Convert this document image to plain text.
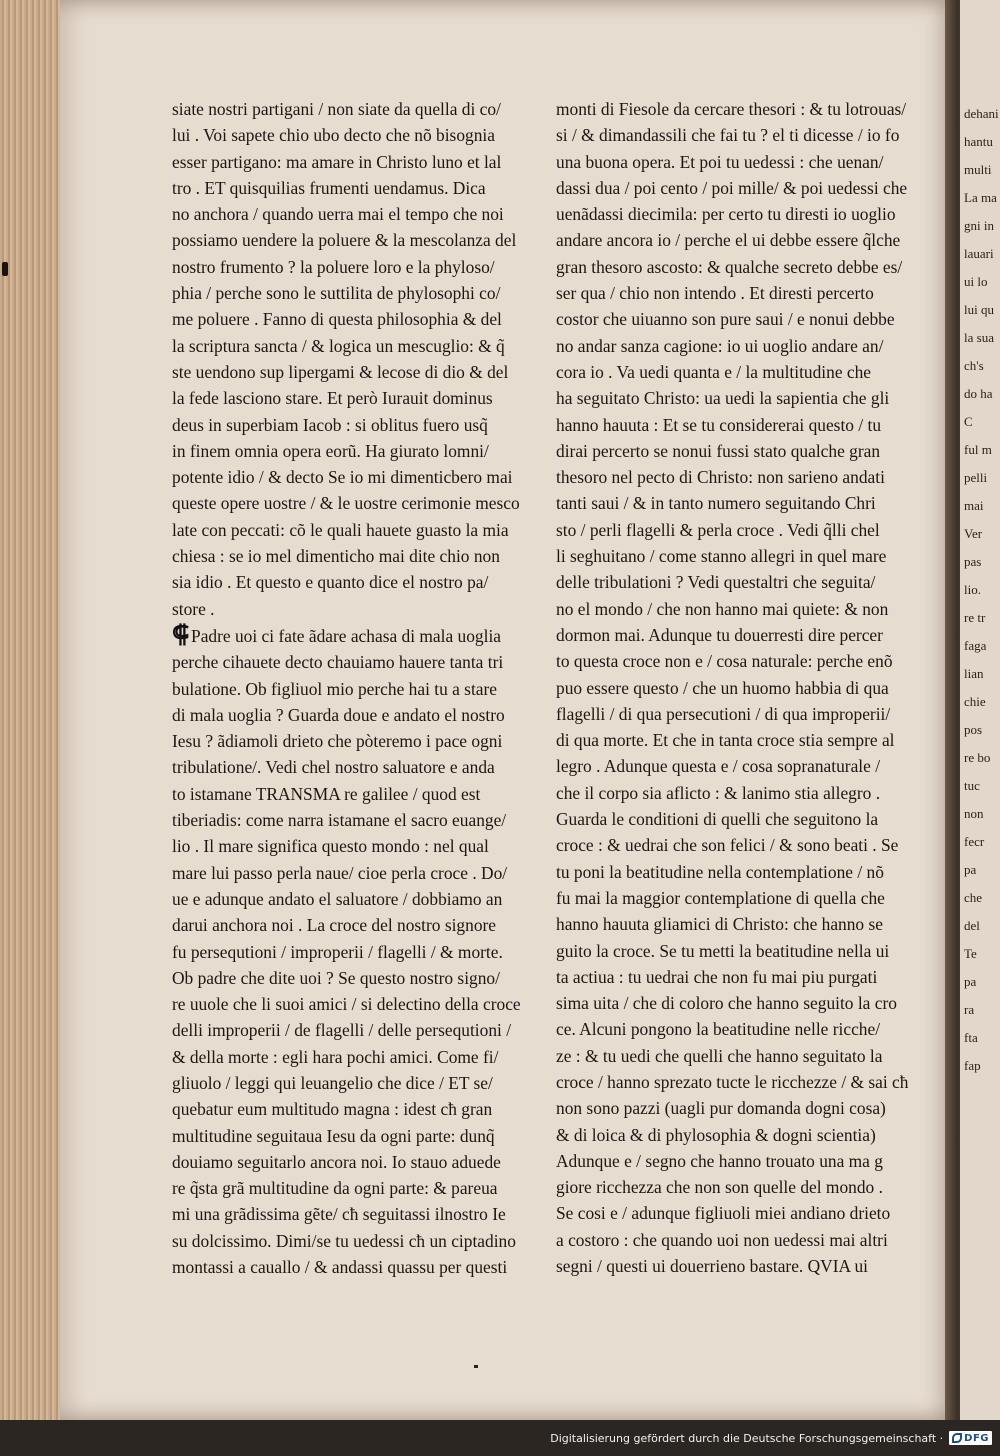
dehani
hantu
multi
La ma
gni in
lauari
ui lo
lui qu
la sua
ch's
do ha
C
ful m
pelli
mai
Ver
pas
lio.
re tr
faga
lian
chie
pos
re bo
tuc
non
fecr
pa
che
del
Te
pa
ra
fta
fap
siate nostri partigani / non siate da quella di co/
lui . Voi sapete chio ubo decto che nõ bisognia
esser partigano: ma amare in Christo luno et lal
tro . ET quisquilias frumenti uendamus. Dica
no anchora / quando uerra mai el tempo che noi
possiamo uendere la poluere & la mescolanza del
nostro frumento ? la poluere loro e la phyloso/
phia / perche sono le suttilita de phylosophi co/
me poluere . Fanno di questa philosophia & del
la scriptura sancta / & logica un mescuglio: & q̃
ste uendono sup lipergami & lecose di dio & del
la fede lasciono stare. Et però Iurauit dominus
deus in superbiam Iacob : si oblitus fuero usq̃
in finem omnia opera eorũ. Ha giurato lomni/
potente idio / & decto Se io mi dimenticbero mai
queste opere uostre / & le uostre cerimonie mesco
late con peccati: cõ le quali hauete guasto la mia
chiesa : se io mel dimenticho mai dite chio non
sia idio . Et questo e quanto dice el nostro pa/
store .
⸿ Padre uoi ci fate ãdare achasa di mala uoglia
perche cihauete decto chauiamo hauere tanta tri
bulatione. Ob figliuol mio perche hai tu a stare
di mala uoglia ? Guarda doue e andato el nostro
Iesu ? ãdiamoli drieto che pòteremo i pace ogni
tribulatione/. Vedi chel nostro saluatore e anda
to istamane TRANSMA re galilee / quod est
tiberiadis: come narra istamane el sacro euange/
lio . Il mare significa questo mondo : nel qual
mare lui passo perla naue/ cioe perla croce . Do/
ue e adunque andato el saluatore / dobbiamo an
darui anchora noi . La croce del nostro signore
fu persequtioni / improperii / flagelli / & morte.
Ob padre che dite uoi ? Se questo nostro signo/
re uuole che li suoi amici / si delectino della croce
delli improperii / de flagelli / delle persequtioni /
& della morte : egli hara pochi amici. Come fi/
gliuolo / leggi qui leuangelio che dice / ET se/
quebatur eum multitudo magna : idest cħ gran
multitudine seguitaua Iesu da ogni parte: dunq̃
douiamo seguitarlo ancora noi. Io stauo aduede
re q̃sta grã multitudine da ogni parte: & pareua
mi una grãdissima gẽte/ cħ seguitassi ilnostro Ie
su dolcissimo. Dimi/se tu uedessi cħ un ciptadino
montassi a cauallo / & andassi quassu per questi
monti di Fiesole da cercare thesori : & tu lotrouas/
si / & dimandassili che fai tu ? el ti dicesse / io fo
una buona opera. Et poi tu uedessi : che uenan/
dassi dua / poi cento / poi mille/ & poi uedessi che
uenãdassi diecimila: per certo tu diresti io uoglio
andare ancora io / perche el ui debbe essere q̃lche
gran thesoro ascosto: & qualche secreto debbe es/
ser qua / chio non intendo . Et diresti percerto
costor che uiuanno son pure saui / e nonui debbe
no andar sanza cagione: io ui uoglio andare an/
cora io . Va uedi quanta e / la multitudine che
ha seguitato Christo: ua uedi la sapientia che gli
hanno hauuta : Et se tu considererai questo / tu
dirai percerto se nonui fussi stato qualche gran
thesoro nel pecto di Christo: non sarieno andati
tanti saui / & in tanto numero seguitando Chri
sto / perli flagelli & perla croce . Vedi q̃lli chel
li seghuitano / come stanno allegri in quel mare
delle tribulationi ? Vedi questaltri che seguita/
no el mondo / che non hanno mai quiete: & non
dormon mai. Adunque tu douerresti dire percer
to questa croce non e / cosa naturale: perche enõ
puo essere questo / che un huomo habbia di qua
flagelli / di qua persecutioni / di qua improperii/
di qua morte. Et che in tanta croce stia sempre al
legro . Adunque questa e / cosa sopranaturale /
che il corpo sia aflicto : & lanimo stia allegro .
Guarda le conditioni di quelli che seguitono la
croce : & uedrai che son felici / & sono beati . Se
tu poni la beatitudine nella contemplatione / nõ
fu mai la maggior contemplatione di quella che
hanno hauuta gliamici di Christo: che hanno se
guito la croce. Se tu metti la beatitudine nella ui
ta actiua : tu uedrai che non fu mai piu purgati
sima uita / che di coloro che hanno seguito la cro
ce. Alcuni pongono la beatitudine nelle ricche/
ze : & tu uedi che quelli che hanno seguitato la
croce / hanno sprezato tucte le ricchezze / & sai cħ
non sono pazzi (uagli pur domanda dogni cosa)
& di loica & di phylosophia & dogni scientia)
Adunque e / segno che hanno trouato una ma g
giore ricchezza che non son quelle del mondo .
Se cosi e / adunque figliuoli miei andiano drieto
a costoro : che quando uoi non uedessi mai altri
segni / questi ui douerrieno bastare. QVIA ui
Digitalisierung gefördert durch die Deutsche Forschungsgemeinschaft · DFG
